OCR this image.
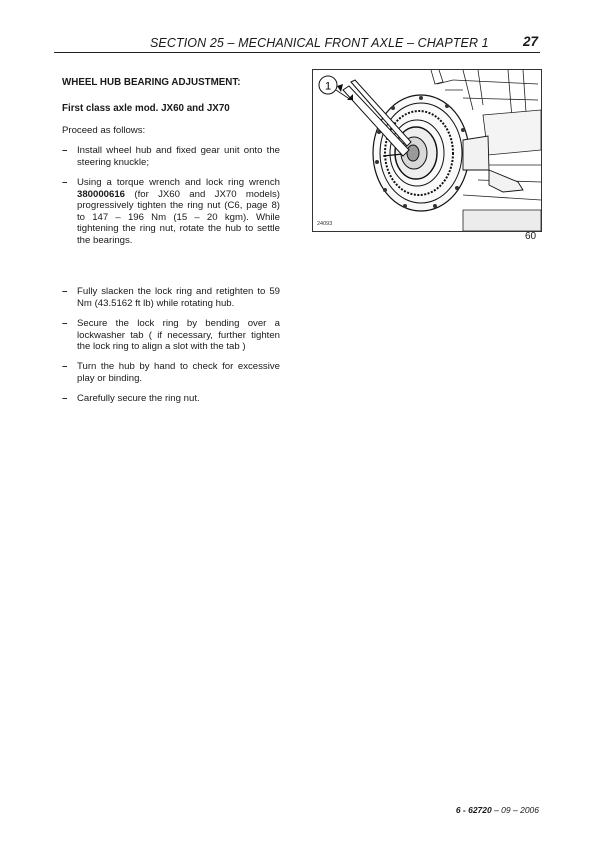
SECTION 25 – MECHANICAL FRONT AXLE – CHAPTER 1	27
WHEEL HUB BEARING ADJUSTMENT:
First class axle mod. JX60 and JX70
Proceed as follows:
– Install wheel hub and fixed gear unit onto the steering knuckle;
– Using a torque wrench and lock ring wrench 380000616 (for JX60 and JX70 models) progressively tighten the ring nut (C6, page 8) to 147 – 196 Nm (15 – 20 kgm). While tightening the ring nut, rotate the hub to settle the bearings.
– Fully slacken the lock ring and retighten to 59 Nm (43.5162 ft lb) while rotating hub.
– Secure the lock ring by bending over a lockwasher tab ( if necessary, further tighten the lock ring to align a slot with the tab )
– Turn the hub by hand to check for excessive play or binding.
– Carefully secure the ring nut.
1
24093
60
6 - 62720 – 09 – 2006
